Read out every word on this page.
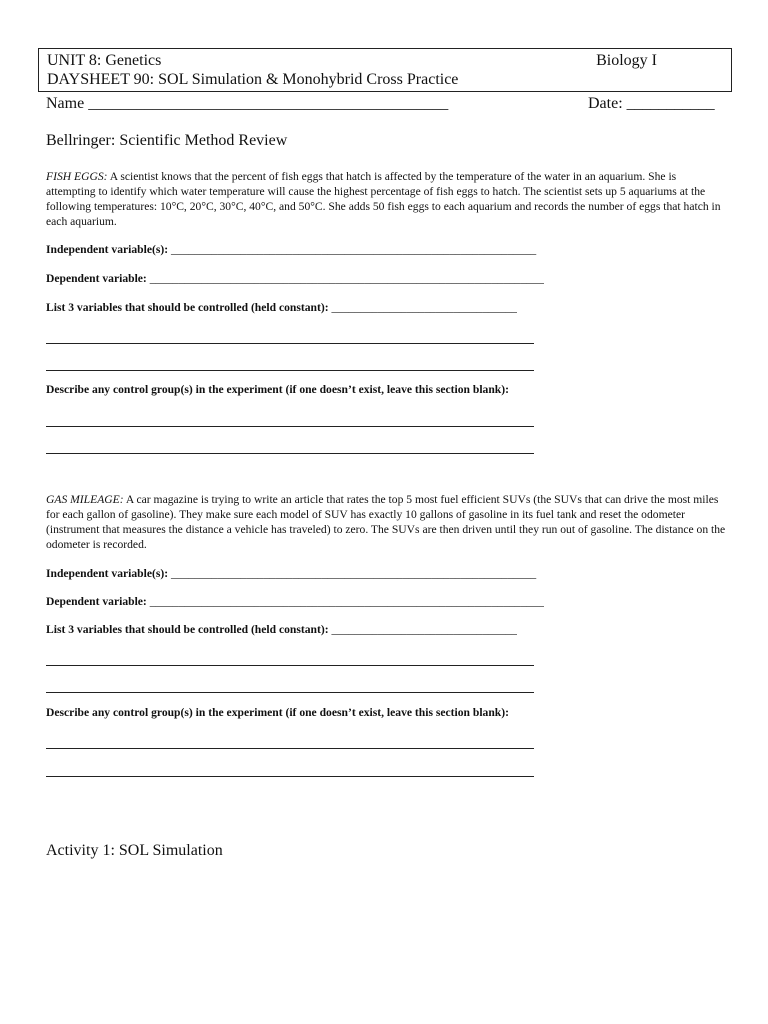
UNIT 8: Genetics
DAYSHEET 90: SOL Simulation & Monohybrid Cross Practice
Biology I
Name _____________________________________________	Date: ___________
Bellringer: Scientific Method Review
FISH EGGS: A scientist knows that the percent of fish eggs that hatch is affected by the temperature of the water in an aquarium. She is attempting to identify which water temperature will cause the highest percentage of fish eggs to hatch. The scientist sets up 5 aquariums at the following temperatures: 10°C, 20°C, 30°C, 40°C, and 50°C. She adds 50 fish eggs to each aquarium and records the number of eggs that hatch in each aquarium.
Independent variable(s): _______________________________________________________________
Dependent variable: ____________________________________________________________________
List 3 variables that should be controlled (held constant): ________________________________
Describe any control group(s) in the experiment (if one doesn’t exist, leave this section blank):
GAS MILEAGE: A car magazine is trying to write an article that rates the top 5 most fuel efficient SUVs (the SUVs that can drive the most miles for each gallon of gasoline). They make sure each model of SUV has exactly 10 gallons of gasoline in its fuel tank and reset the odometer (instrument that measures the distance a vehicle has traveled) to zero. The SUVs are then driven until they run out of gasoline. The distance on the odometer is recorded.
Independent variable(s): _______________________________________________________________
Dependent variable: ____________________________________________________________________
List 3 variables that should be controlled (held constant): ________________________________
Describe any control group(s) in the experiment (if one doesn’t exist, leave this section blank):
Activity 1: SOL Simulation
